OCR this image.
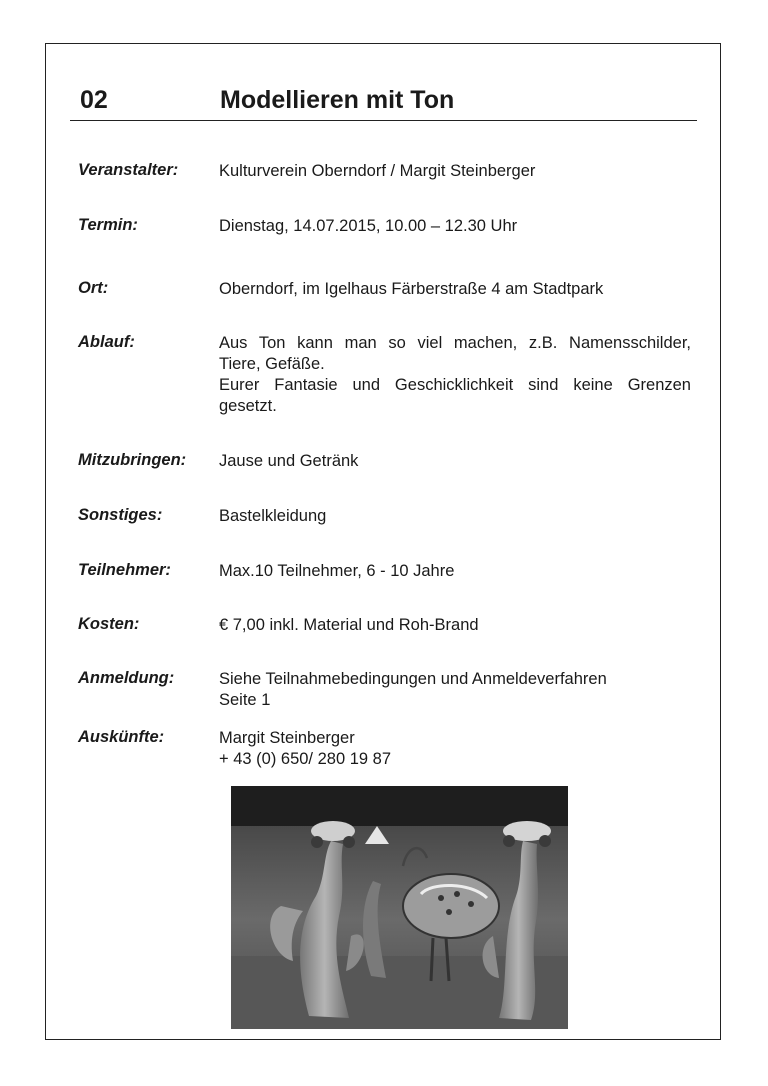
02	Modellieren mit Ton
Veranstalter:	Kulturverein Oberndorf / Margit Steinberger
Termin:	Dienstag, 14.07.2015, 10.00 – 12.30 Uhr
Ort:	Oberndorf, im Igelhaus Färberstraße 4 am Stadtpark
Ablauf:	Aus Ton kann man so viel machen, z.B. Namensschilder,
Tiere, Gefäße.
Eurer Fantasie und Geschicklichkeit sind keine Grenzen
gesetzt.
Mitzubringen:	Jause und Getränk
Sonstiges:	Bastelkleidung
Teilnehmer:	Max.10 Teilnehmer, 6 - 10 Jahre
Kosten:	€ 7,00 inkl. Material und Roh-Brand
Anmeldung:	Siehe Teilnahmebedingungen und Anmeldeverfahren
Seite 1
Auskünfte:	Margit Steinberger
+ 43 (0) 650/ 280 19 87
